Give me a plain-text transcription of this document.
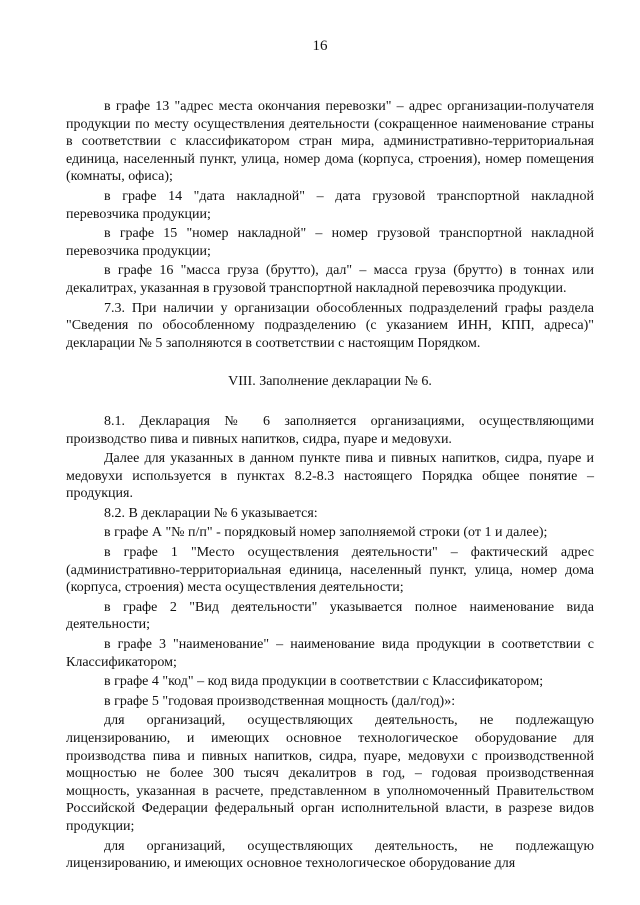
16

в графе 13 "адрес места окончания перевозки" – адрес организации-получателя продукции по месту осуществления деятельности (сокращенное наименование страны в соответствии с классификатором стран мира, административно-территориальная единица, населенный пункт, улица, номер дома (корпуса, строения), номер помещения (комнаты, офиса);

в графе 14 "дата накладной" – дата грузовой транспортной накладной перевозчика продукции;

в графе 15 "номер накладной" – номер грузовой транспортной накладной перевозчика продукции;

в графе 16 "масса груза (брутто), дал" – масса груза (брутто) в тоннах или декалитрах, указанная в грузовой транспортной накладной перевозчика продукции.

7.3. При наличии у организации обособленных подразделений графы раздела "Сведения по обособленному подразделению (с указанием ИНН, КПП, адреса)" декларации № 5 заполняются в соответствии с настоящим Порядком.

VIII. Заполнение декларации № 6.

8.1. Декларация № 6 заполняется организациями, осуществляющими производство пива и пивных напитков, сидра, пуаре и медовухи.

Далее для указанных в данном пункте пива и пивных напитков, сидра, пуаре и медовухи используется в пунктах 8.2-8.3 настоящего Порядка общее понятие – продукция.

8.2. В декларации № 6 указывается:

в графе А "№ п/п" - порядковый номер заполняемой строки (от 1 и далее);

в графе 1 "Место осуществления деятельности" – фактический адрес (административно-территориальная единица, населенный пункт, улица, номер дома (корпуса, строения) места осуществления деятельности;

в графе 2 "Вид деятельности" указывается полное наименование вида деятельности;

в графе 3 "наименование" – наименование вида продукции в соответствии с Классификатором;

в графе 4 "код" – код вида продукции в соответствии с Классификатором;

в графе 5 "годовая производственная мощность (дал/год)»:

для организаций, осуществляющих деятельность, не подлежащую лицензированию, и имеющих основное технологическое оборудование для производства пива и пивных напитков, сидра, пуаре, медовухи с производственной мощностью не более 300 тысяч декалитров в год, – годовая производственная мощность, указанная в расчете, представленном в уполномоченный Правительством Российской Федерации федеральный орган исполнительной власти, в разрезе видов продукции;

для организаций, осуществляющих деятельность, не подлежащую лицензированию, и имеющих основное технологическое оборудование для
